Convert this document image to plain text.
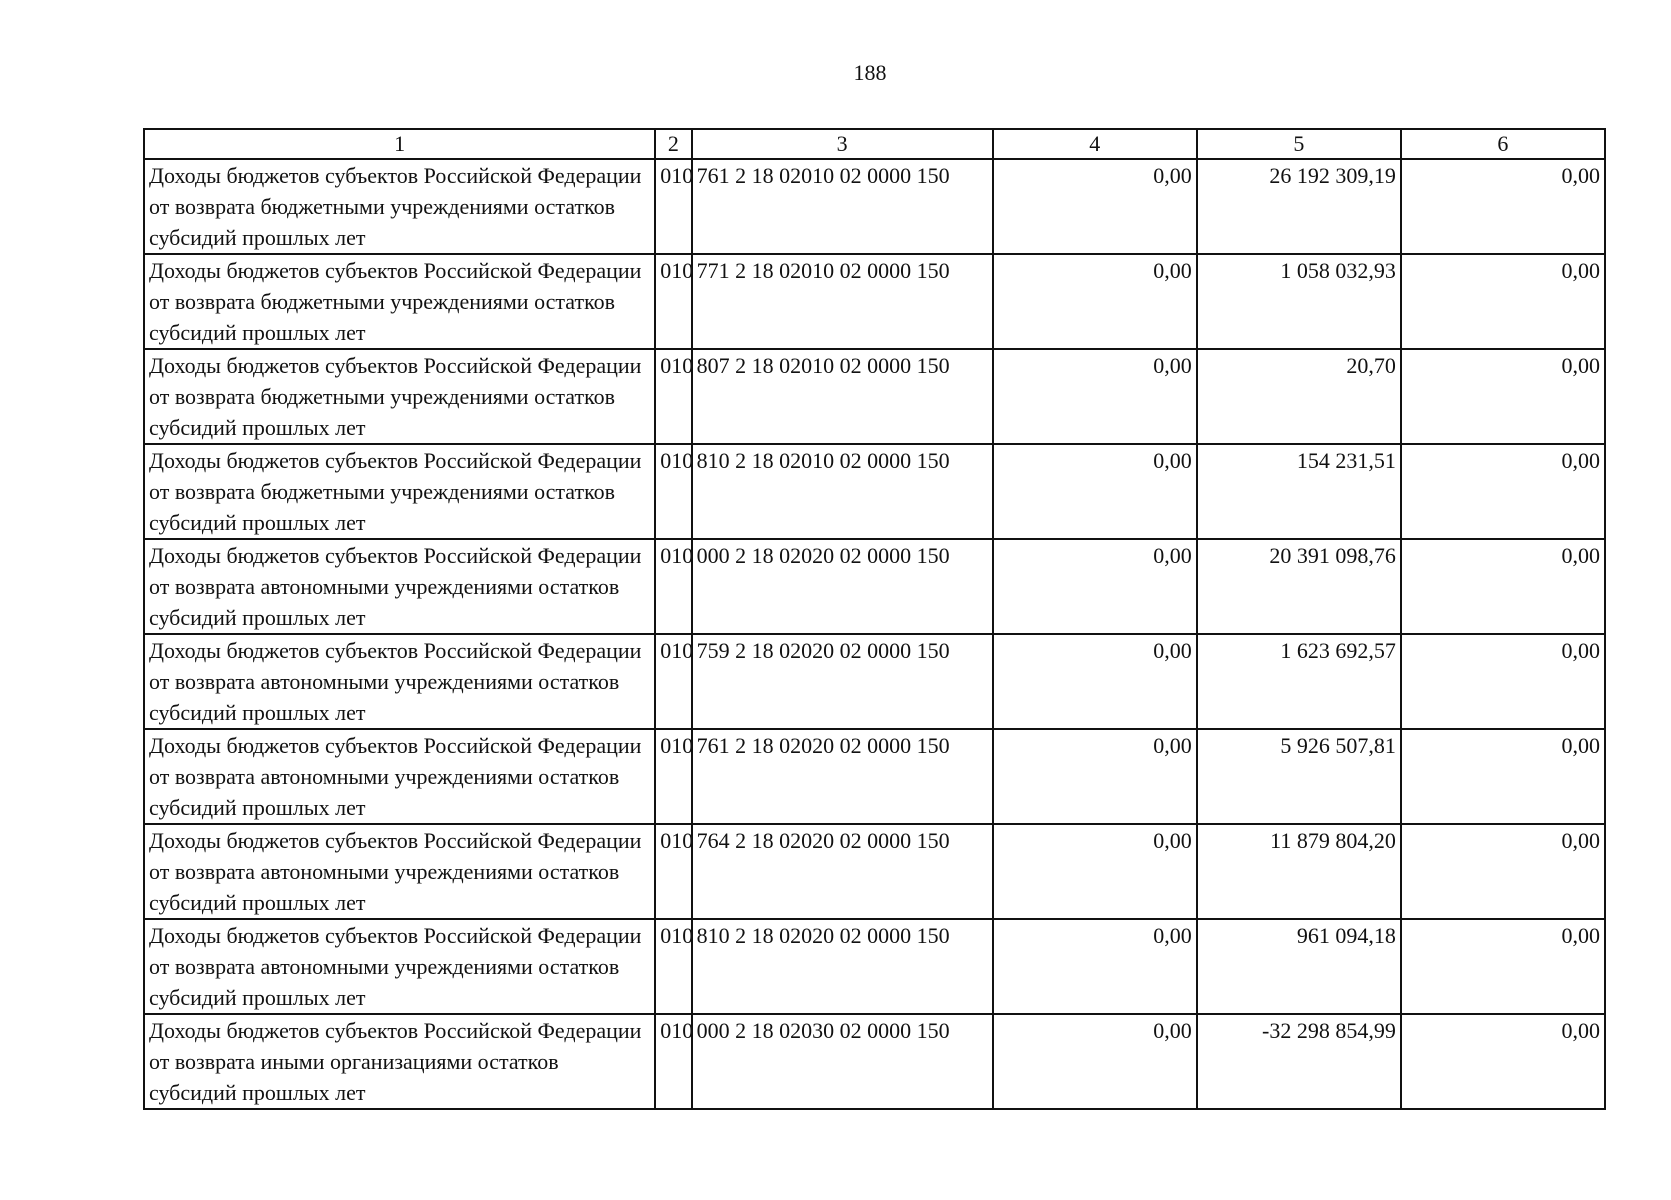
188
1	2	3	4	5	6
Доходы бюджетов субъектов Российской Федерации от возврата бюджетными учреждениями остатков субсидий прошлых лет	010	761 2 18 02010 02 0000 150	0,00	26 192 309,19	0,00
Доходы бюджетов субъектов Российской Федерации от возврата бюджетными учреждениями остатков субсидий прошлых лет	010	771 2 18 02010 02 0000 150	0,00	1 058 032,93	0,00
Доходы бюджетов субъектов Российской Федерации от возврата бюджетными учреждениями остатков субсидий прошлых лет	010	807 2 18 02010 02 0000 150	0,00	20,70	0,00
Доходы бюджетов субъектов Российской Федерации от возврата бюджетными учреждениями остатков субсидий прошлых лет	010	810 2 18 02010 02 0000 150	0,00	154 231,51	0,00
Доходы бюджетов субъектов Российской Федерации от возврата автономными учреждениями остатков субсидий прошлых лет	010	000 2 18 02020 02 0000 150	0,00	20 391 098,76	0,00
Доходы бюджетов субъектов Российской Федерации от возврата автономными учреждениями остатков субсидий прошлых лет	010	759 2 18 02020 02 0000 150	0,00	1 623 692,57	0,00
Доходы бюджетов субъектов Российской Федерации от возврата автономными учреждениями остатков субсидий прошлых лет	010	761 2 18 02020 02 0000 150	0,00	5 926 507,81	0,00
Доходы бюджетов субъектов Российской Федерации от возврата автономными учреждениями остатков субсидий прошлых лет	010	764 2 18 02020 02 0000 150	0,00	11 879 804,20	0,00
Доходы бюджетов субъектов Российской Федерации от возврата автономными учреждениями остатков субсидий прошлых лет	010	810 2 18 02020 02 0000 150	0,00	961 094,18	0,00
Доходы бюджетов субъектов Российской Федерации от возврата иными организациями остатков субсидий прошлых лет	010	000 2 18 02030 02 0000 150	0,00	-32 298 854,99	0,00
